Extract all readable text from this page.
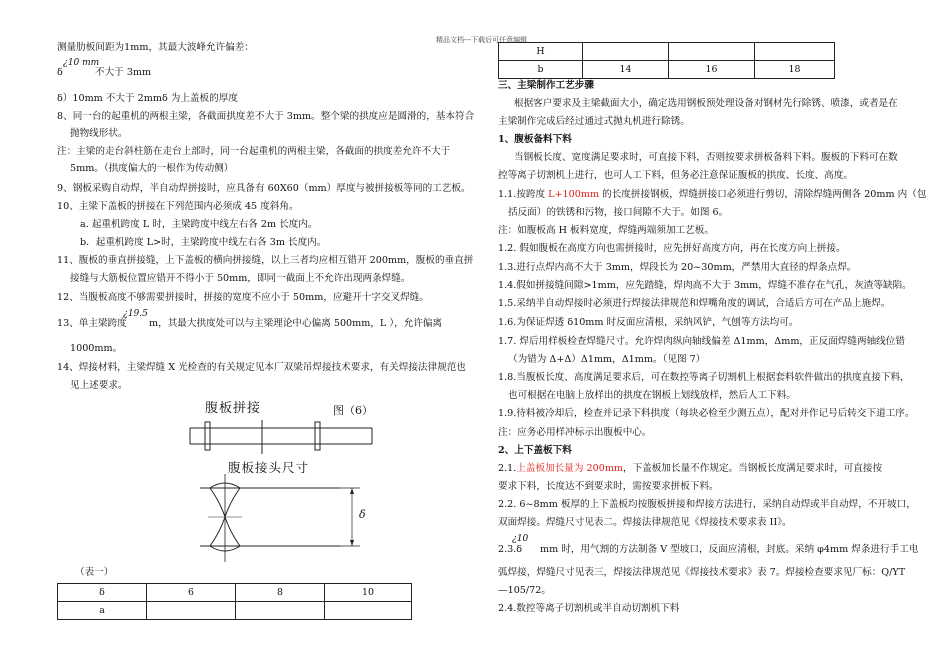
精品文档---下载后可任意编辑
测量肋板间距为1mm，其最大波峰允许偏差：
¿10 mm
δ	不大于 3mm
δ）10mm 不大于 2mmδ 为上盖板的厚度
8、同一台的起重机的两根主梁，各截面拱度差不大于 3mm。整个梁的拱度应是圆滑的，基本符合
抛物线形状。
注：主梁的走台斜柱筋在走台上部时，同一台起重机的两根主梁，各截面的拱度差允许不大于
5mm。（拱度偏大的一根作为传动侧）
9、钢板采购自动焊，半自动焊拼接时，应具备有 60X60（mm）厚度与被拼接板等同的工艺板。
10、主梁下盖板的拼接在下列范围内必须成 45 度斜角。
a. 起重机跨度 L 时，主梁跨度中线左右各 2m 长度内。
b．起重机跨度 L>时，主梁跨度中线左右各 3m 长度内。
11、腹板的垂直拼接缝，上下盖板的横向拼接缝，以上三者均应相互错开 200mm，腹板的垂直拼
接缝与大筋板位置应错开不得小于 50mm，即同一截面上不允许出现两条焊缝。
12、当腹板高度不够需要拼接时，拼接的宽度不应小于 50mm，应避开十字交叉焊缝。
13、单主梁跨度
¿19.5
m，其最大拱度处可以与主梁理论中心偏离 500mm，L ），允许偏离
1000mm。
14、焊接材料，主梁焊缝 X 光检查的有关规定见本厂双梁吊焊接技术要求，有关焊接法律规范也
见上述要求。
腹板拼接	图（6）
腹板接头尺寸
δ
（表一）
δ	6	8	10
a			
H			
b	14	16	18
三、主梁制作工艺步骤
根据客户要求及主梁截面大小，确定选用钢板预处理设备对钢材先行除锈、喷漆，或者是在
主梁制作完成后经过通过式抛丸机进行除锈。
1、腹板备料下料
当钢板长度、宽度满足要求时，可直接下料，否则按要求拼板备料下料。腹板的下料可在数
控等离子切割机上进行，也可人工下料，但务必注意保证腹板的拱度、长度、高度。
1.1.按跨度 L+100mm 的长度拼接钢板，焊缝拼接口必须进行剪切，清除焊缝两侧各 20mm 内（包
括反面）的铁锈和污物，接口间隙不大于。如图 6。
注：如腹板高 H 板料宽度，焊缝两端须加工艺板。
1.2. 假如腹板在高度方向也需拼接时，应先拼好高度方向，再在长度方向上拼接。
1.3.进行点焊内高不大于 3mm，焊段长为 20~30mm，严禁用大直径的焊条点焊。
1.4.假如拼接缝间隙>1mm，应先踏缝，焊肉高不大于 3mm，焊缝不准存在气孔，灰渣等缺陷。
1.5.采纳半自动焊接时必须进行焊接法律规范和焊嘴角度的调试，合适后方可在产品上施焊。
1.6.为保证焊透 δ10mm 时反面应清根，采纳风铲，气刨等方法均可。
1.7. 焊后用样板检查焊缝尺寸。允许焊肉纵向轴线偏差 Δ1mm，Δmm，正反面焊缝两轴线位错
（为错为 Δ+Δ）Δ1mm，Δ1mm。（见图 7）
1.8.当腹板长度、高度满足要求后，可在数控等离子切割机上根据套料软件做出的拱度直接下料，
也可根据在电脑上放样出的拱度在钢板上划线放样，然后人工下料。
1.9.待料被冷却后，检查并记录下料拱度（每块必检至少测五点），配对并作记号后转交下道工序。
注：应务必用样冲标示出腹板中心。
2、上下盖板下料
2.1.上盖板加长量为 200mm，下盖板加长量不作规定。当钢板长度满足要求时，可直接按
要求下料，长度达不到要求时，需按要求拼板下料。
2.2. 6~8mm 板厚的上下盖板均按腹板拼接和焊接方法进行，采纳自动焊或半自动焊，不开坡口，
双面焊接。焊缝尺寸见表二。焊接法律规范见《焊接技术要求表 II》。
¿10
2.3.δ mm 时，用气割的方法制备 V 型坡口，反面应清根，封底。采纳 φ4mm 焊条进行手工电
弧焊接，焊缝尺寸见表三，焊接法律规范见《焊接技术要求》表 7。焊接检查要求见厂标：Q/YT
—105/72。
2.4.数控等离子切割机或半自动切割机下料
